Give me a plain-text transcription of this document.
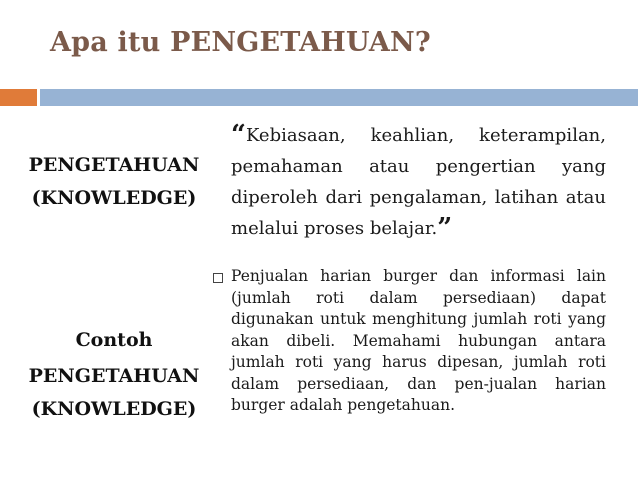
Apa itu PENGETAHUAN?
PENGETAHUAN
(KNOWLEDGE)
“Kebiasaan, keahlian, keterampilan, pemahaman atau pengertian yang diperoleh dari pengalaman, latihan atau melalui proses belajar.”
Contoh
PENGETAHUAN
(KNOWLEDGE)
Penjualan harian burger dan informasi lain (jumlah roti dalam persediaan) dapat digunakan untuk menghitung jumlah roti yang akan dibeli. Memahami hubungan antara jumlah roti yang harus dipesan, jumlah roti dalam persediaan, dan pen-jualan harian burger adalah pengetahuan.
